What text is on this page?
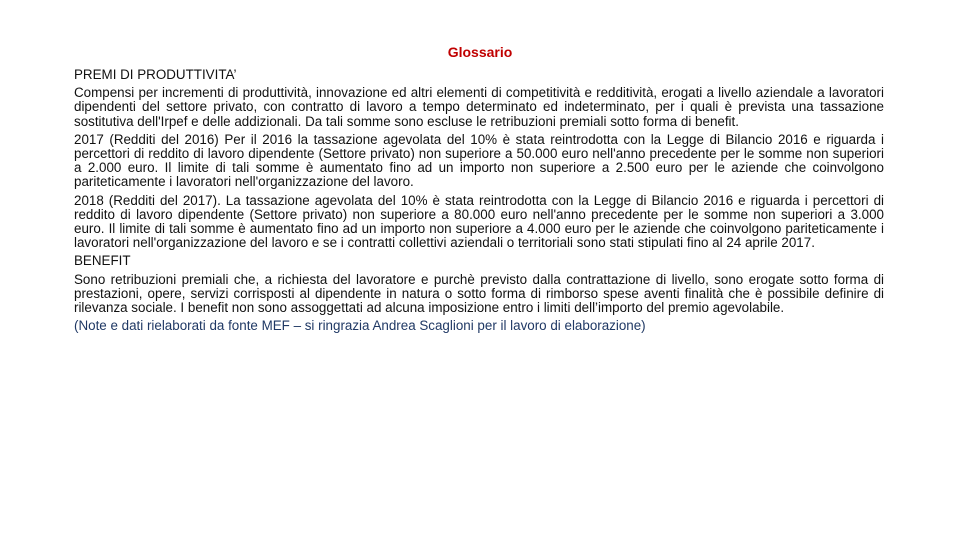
Glossario

PREMI DI PRODUTTIVITA’

Compensi per incrementi di produttività, innovazione ed altri elementi di competitività e redditività, erogati a livello aziendale a lavoratori dipendenti del settore privato, con contratto di lavoro a tempo determinato ed indeterminato, per i quali è prevista una tassazione sostitutiva dell'Irpef e delle addizionali. Da tali somme sono escluse le retribuzioni premiali sotto forma di benefit.

2017 (Redditi del 2016) Per il 2016 la tassazione agevolata del 10% è stata reintrodotta con la Legge di Bilancio 2016 e riguarda i percettori di reddito di lavoro dipendente (Settore privato) non superiore a 50.000 euro nell'anno precedente per le somme non superiori a 2.000 euro. Il limite di tali somme è aumentato fino ad un importo non superiore a 2.500 euro per le aziende che coinvolgono pariteticamente i lavoratori nell'organizzazione del lavoro.

2018 (Redditi del 2017). La tassazione agevolata del 10% è stata reintrodotta con la Legge di Bilancio 2016 e riguarda i percettori di reddito di lavoro dipendente (Settore privato) non superiore a 80.000 euro nell'anno precedente per le somme non superiori a 3.000 euro. Il limite di tali somme è aumentato fino ad un importo non superiore a 4.000 euro per le aziende che coinvolgono pariteticamente i lavoratori nell'organizzazione del lavoro e se i contratti collettivi aziendali o territoriali sono stati stipulati fino al 24 aprile 2017.

BENEFIT

Sono retribuzioni premiali che, a richiesta del lavoratore e purchè previsto dalla contrattazione di livello, sono erogate sotto forma di prestazioni, opere, servizi corrisposti al dipendente in natura o sotto forma di rimborso spese aventi finalità che è possibile definire di rilevanza sociale. I benefit non sono assoggettati ad alcuna imposizione entro i limiti dell’importo del premio agevolabile.

(Note e dati rielaborati da fonte MEF – si ringrazia Andrea Scaglioni per il lavoro di elaborazione)
